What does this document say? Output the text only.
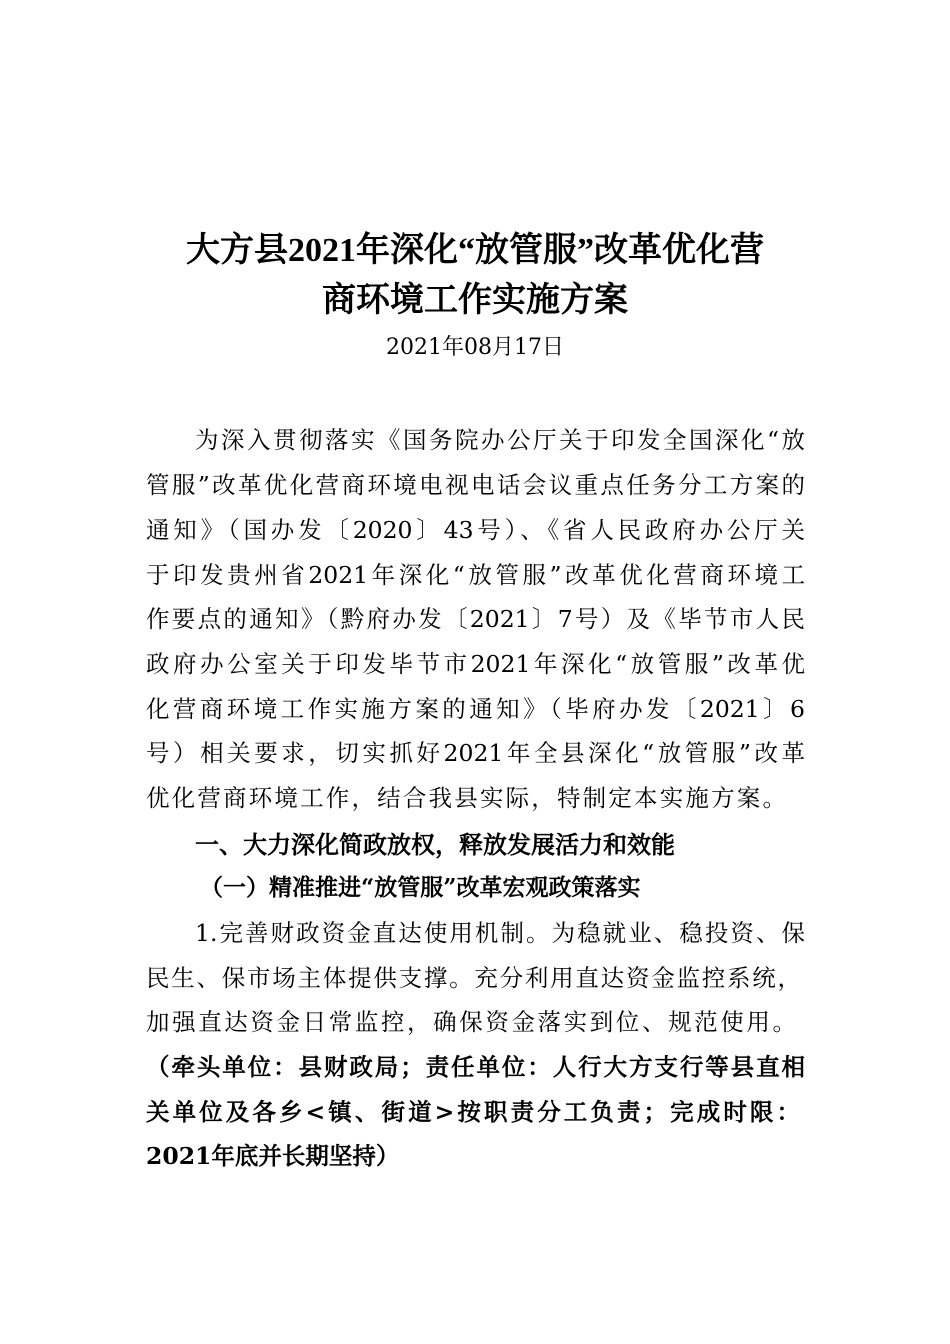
大方县2021年深化“放管服”改革优化营
商环境工作实施方案
2021年08月17日
为深入贯彻落实《国务院办公厅关于印发全国深化“放
管服”改革优化营商环境电视电话会议重点任务分工方案的
通知》（国办发〔2020〕43号）、《省人民政府办公厅关
于印发贵州省2021年深化“放管服”改革优化营商环境工
作要点的通知》（黔府办发〔2021〕7号）及《毕节市人民
政府办公室关于印发毕节市2021年深化“放管服”改革优
化营商环境工作实施方案的通知》（毕府办发〔2021〕6
号）相关要求，切实抓好2021年全县深化“放管服”改革
优化营商环境工作，结合我县实际，特制定本实施方案。
一、大力深化简政放权，释放发展活力和效能
（一）精准推进“放管服”改革宏观政策落实
1.完善财政资金直达使用机制。为稳就业、稳投资、保
民生、保市场主体提供支撑。充分利用直达资金监控系统，
加强直达资金日常监控，确保资金落实到位、规范使用。
（牵头单位：县财政局；责任单位：人行大方支行等县直相
关单位及各乡<镇、街道>按职责分工负责；完成时限：
2021年底并长期坚持）
